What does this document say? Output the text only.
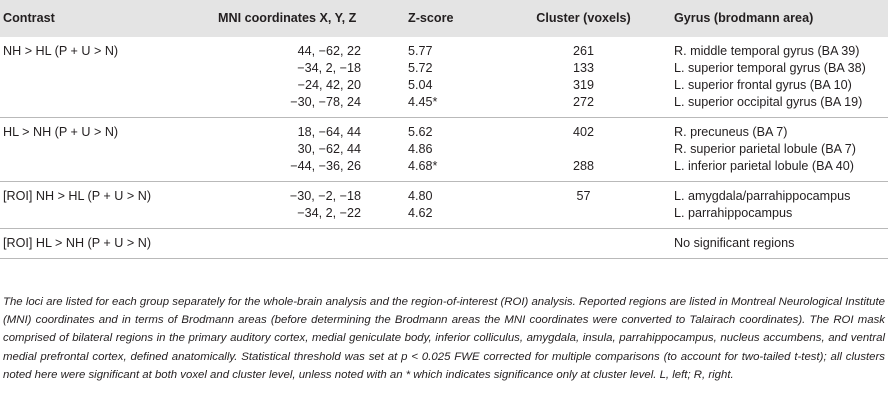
Contrast	MNI coordinates X, Y, Z	Z-score	Cluster (voxels)	Gyrus (brodmann area)
NH > HL (P + U > N)	44, −62, 22	5.77	261	R. middle temporal gyrus (BA 39)
	−34, 2, −18	5.72	133	L. superior temporal gyrus (BA 38)
	−24, 42, 20	5.04	319	L. superior frontal gyrus (BA 10)
	−30, −78, 24	4.45*	272	L. superior occipital gyrus (BA 19)
HL > NH (P + U > N)	18, −64, 44	5.62	402	R. precuneus (BA 7)
	30, −62, 44	4.86		R. superior parietal lobule (BA 7)
	−44, −36, 26	4.68*	288	L. inferior parietal lobule (BA 40)
[ROI] NH > HL (P + U > N)	−30, −2, −18	4.80	57	L. amygdala/parrahippocampus
	−34, 2, −22	4.62		L. parrahippocampus
[ROI] HL > NH (P + U > N)				No significant regions
The loci are listed for each group separately for the whole-brain analysis and the region-of-interest (ROI) analysis. Reported regions are listed in Montreal Neurological Institute (MNI) coordinates and in terms of Brodmann areas (before determining the Brodmann areas the MNI coordinates were converted to Talairach coordinates). The ROI mask comprised of bilateral regions in the primary auditory cortex, medial geniculate body, inferior colliculus, amygdala, insula, parrahippocampus, nucleus accumbens, and ventral medial prefrontal cortex, defined anatomically. Statistical threshold was set at p < 0.025 FWE corrected for multiple comparisons (to account for two-tailed t-test); all clusters noted here were significant at both voxel and cluster level, unless noted with an * which indicates significance only at cluster level. L, left; R, right.
